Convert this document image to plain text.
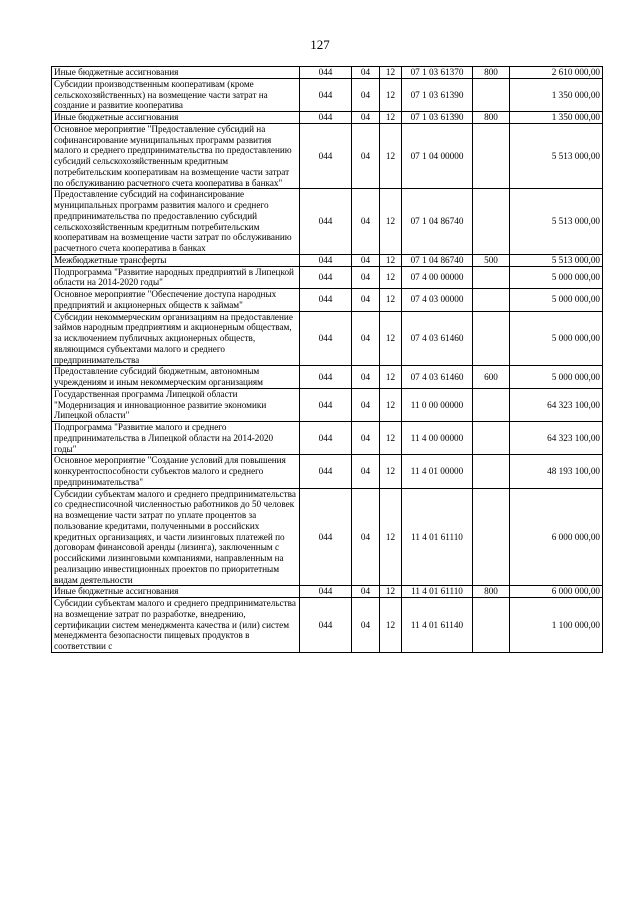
127
Иные бюджетные ассигнования	044	04	12	07 1 03 61370	800	2 610 000,00
Субсидии производственным кооперативам (кроме сельскохозяйственных) на возмещение части затрат на создание и развитие кооператива	044	04	12	07 1 03 61390		1 350 000,00
Иные бюджетные ассигнования	044	04	12	07 1 03 61390	800	1 350 000,00
Основное мероприятие "Предоставление субсидий на софинансирование муниципальных программ развития малого и среднего предпринимательства по предоставлению субсидий сельскохозяйственным кредитным потребительским кооперативам на возмещение части затрат по обслуживанию расчетного счета кооператива в банках"	044	04	12	07 1 04 00000		5 513 000,00
Предоставление субсидий на софинансирование муниципальных программ развития малого и среднего предпринимательства по предоставлению субсидий сельскохозяйственным кредитным потребительским кооперативам на возмещение части затрат по обслуживанию расчетного счета кооператива в банках	044	04	12	07 1 04 86740		5 513 000,00
Межбюджетные трансферты	044	04	12	07 1 04 86740	500	5 513 000,00
Подпрограмма "Развитие народных предприятий в Липецкой области на 2014-2020 годы"	044	04	12	07 4 00 00000		5 000 000,00
Основное мероприятие "Обеспечение доступа народных предприятий и акционерных обществ к займам"	044	04	12	07 4 03 00000		5 000 000,00
Субсидии некоммерческим организациям на предоставление займов народным предприятиям и акционерным обществам, за исключением публичных акционерных обществ, являющимся субъектами малого и среднего предпринимательства	044	04	12	07 4 03 61460		5 000 000,00
Предоставление субсидий бюджетным, автономным учреждениям и иным некоммерческим организациям	044	04	12	07 4 03 61460	600	5 000 000,00
Государственная программа Липецкой области "Модернизация и инновационное развитие экономики Липецкой области"	044	04	12	11 0 00 00000		64 323 100,00
Подпрограмма "Развитие малого и среднего предпринимательства в Липецкой области на 2014-2020 годы"	044	04	12	11 4 00 00000		64 323 100,00
Основное мероприятие "Создание условий для повышения конкурентоспособности субъектов малого и среднего предпринимательства"	044	04	12	11 4 01 00000		48 193 100,00
Субсидии субъектам малого и среднего предпринимательства со среднесписочной численностью работников до 50 человек на возмещение части затрат по уплате процентов за пользование кредитами, полученными в российских кредитных организациях, и части лизинговых платежей по договорам финансовой аренды (лизинга), заключенным с российскими лизинговыми компаниями, направленным на реализацию инвестиционных проектов по приоритетным видам деятельности	044	04	12	11 4 01 61110		6 000 000,00
Иные бюджетные ассигнования	044	04	12	11 4 01 61110	800	6 000 000,00
Субсидии субъектам малого и среднего предпринимательства на возмещение затрат по разработке, внедрению, сертификации систем менеджмента качества и (или) систем менеджмента безопасности пищевых продуктов в соответствии с	044	04	12	11 4 01 61140		1 100 000,00
